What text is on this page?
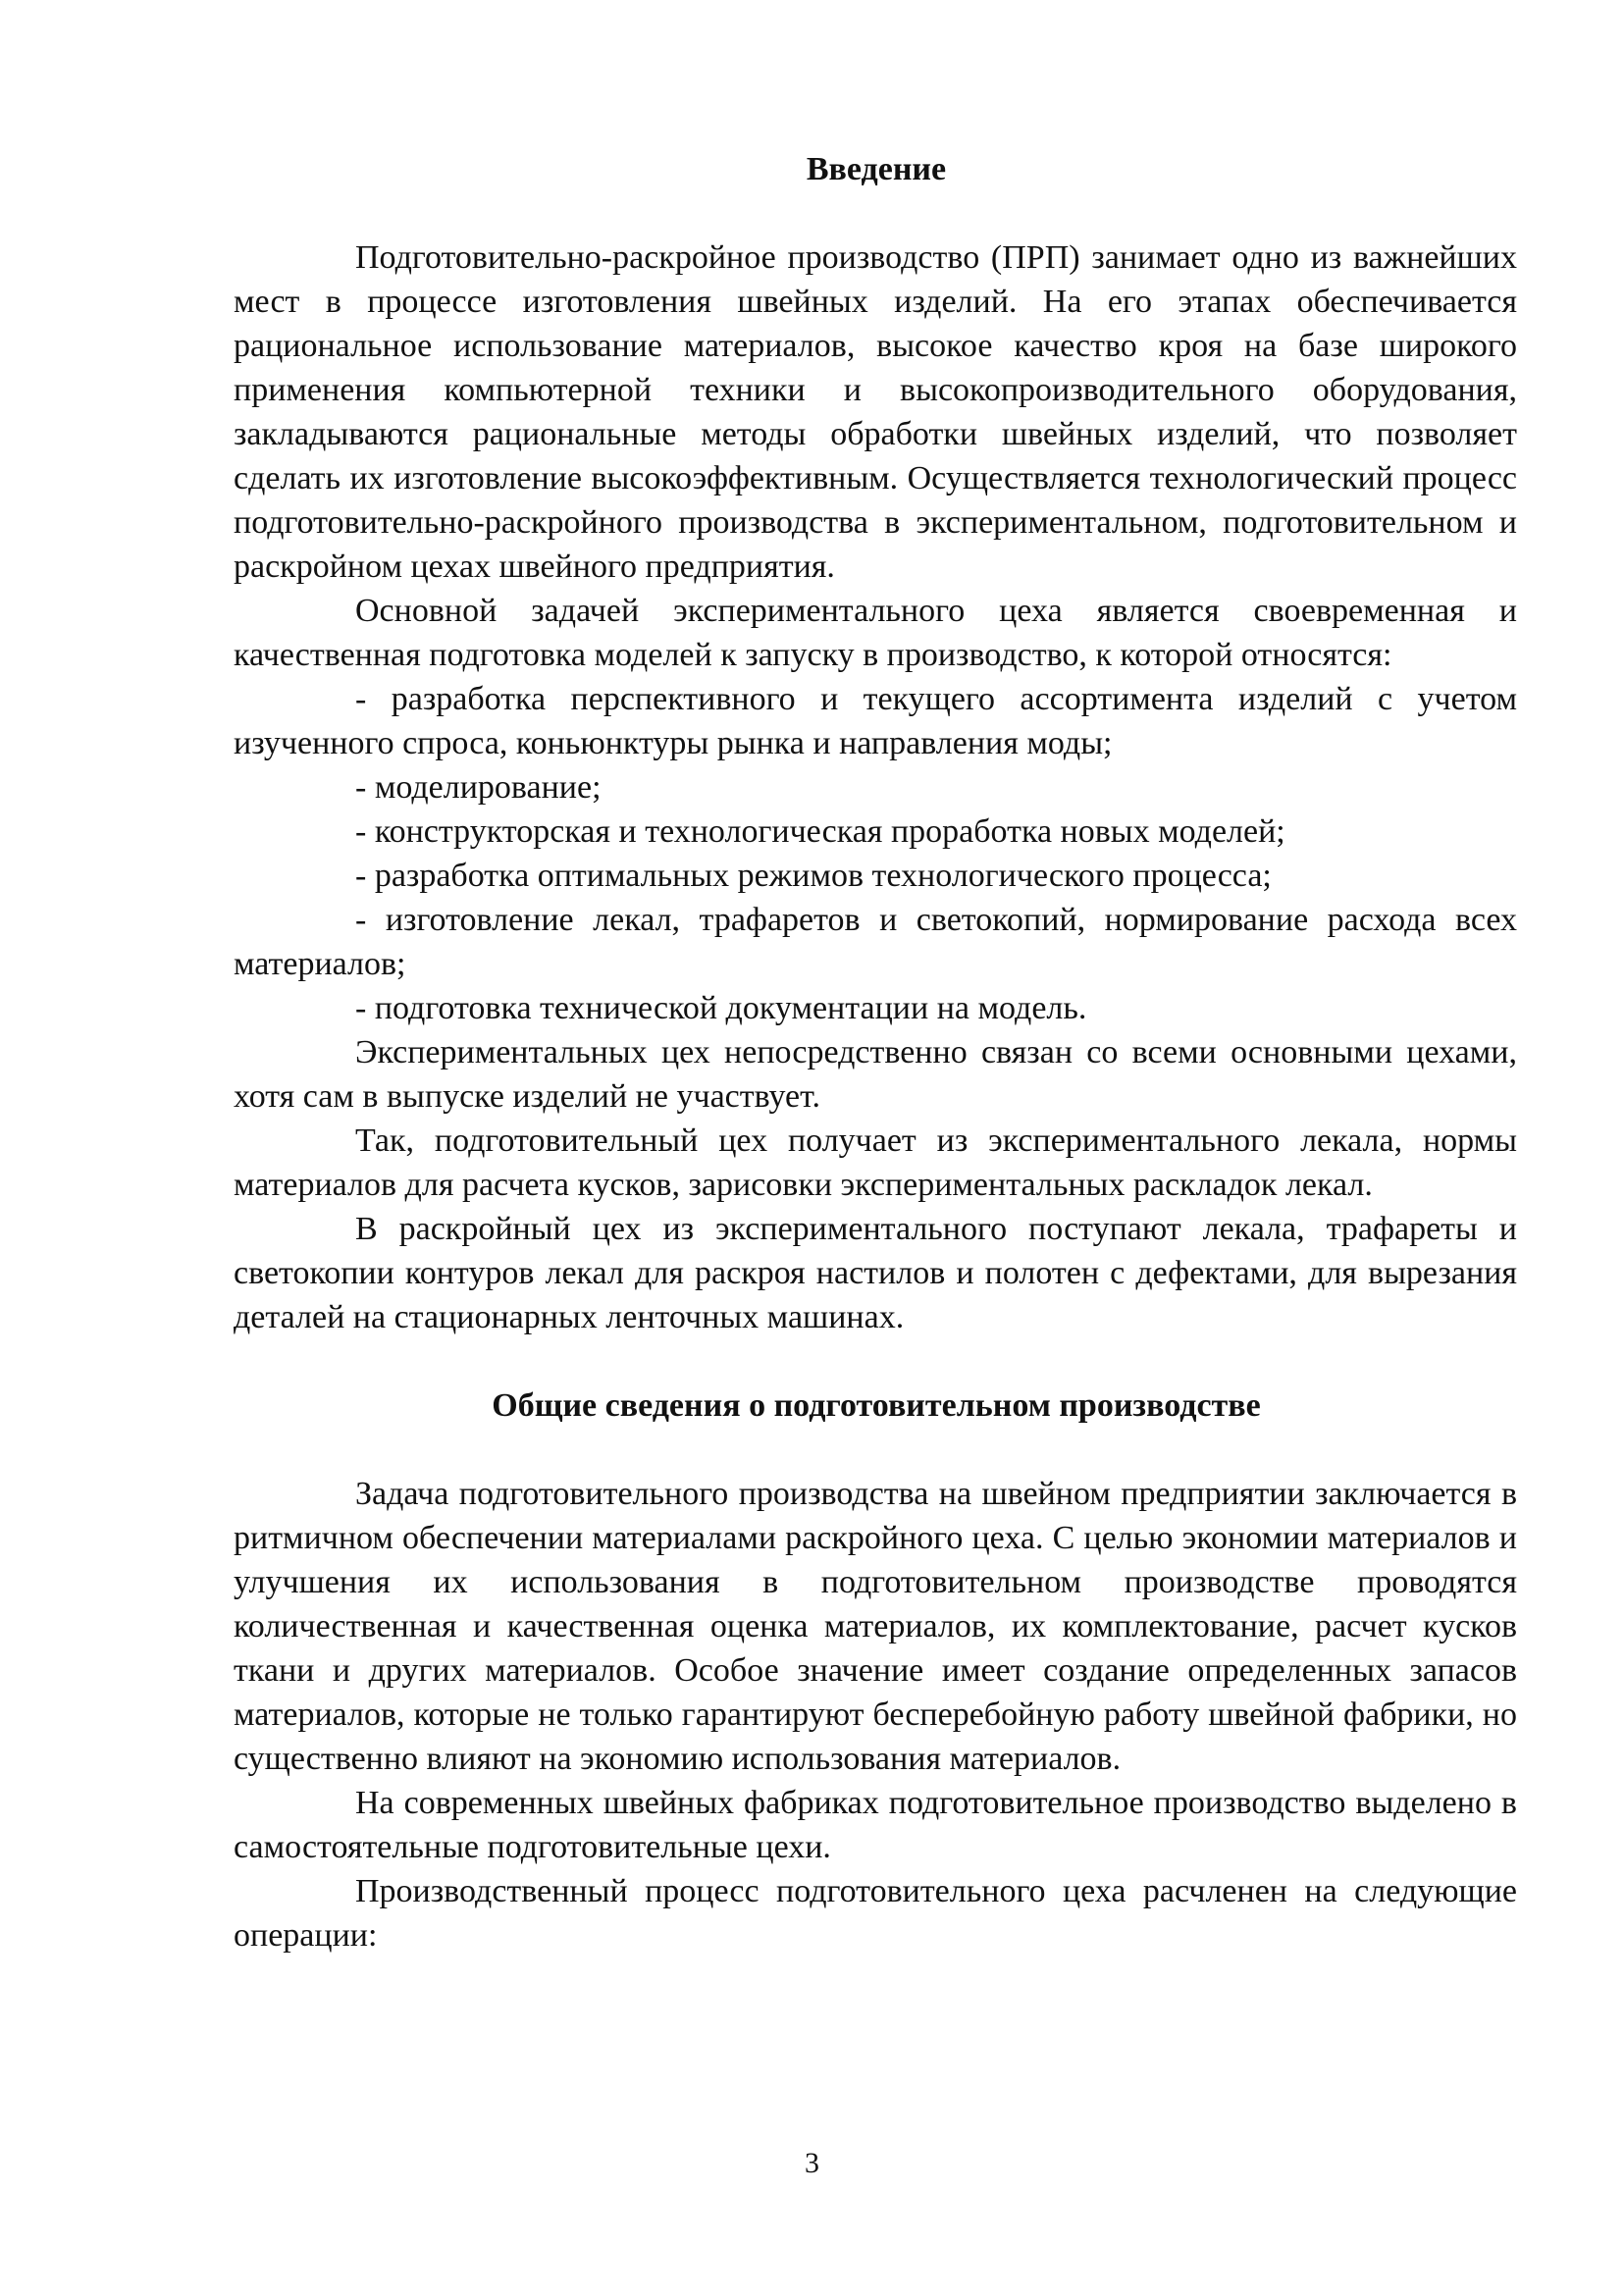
Введение

Подготовительно-раскройное производство (ПРП) занимает одно из важнейших мест в процессе изготовления швейных изделий. На его этапах обеспечивается рациональное использование материалов, высокое качество кроя на базе широкого применения компьютерной техники и высокопроизводительного оборудования, закладываются рациональные методы обработки швейных изделий, что позволяет сделать их изготовление высокоэффективным. Осуществляется технологический процесс подготовительно-раскройного производства в экспериментальном, подготовительном и раскройном цехах швейного предприятия.

Основной задачей экспериментального цеха является своевременная и качественная подготовка моделей к запуску в производство, к которой относятся:

- разработка перспективного и текущего ассортимента изделий с учетом изученного спроса, коньюнктуры рынка и направления моды;

- моделирование;

- конструкторская и технологическая проработка новых моделей;

- разработка оптимальных режимов технологического процесса;

- изготовление лекал, трафаретов и светокопий, нормирование расхода всех материалов;

- подготовка технической документации на модель.

Экспериментальных цех непосредственно связан со всеми основными цехами, хотя сам в выпуске изделий не участвует.

Так, подготовительный цех получает из экспериментального лекала, нормы материалов для расчета кусков, зарисовки экспериментальных раскладок лекал.

В раскройный цех из экспериментального поступают лекала, трафареты и светокопии контуров лекал для раскроя настилов и полотен с дефектами, для вырезания деталей на стационарных ленточных машинах.

Общие сведения о подготовительном производстве

Задача подготовительного производства на швейном предприятии заключается в ритмичном обеспечении материалами раскройного цеха. С целью экономии материалов и улучшения их использования в подготовительном производстве проводятся количественная и качественная оценка материалов, их комплектование, расчет кусков ткани и других материалов. Особое значение имеет создание определенных запасов материалов, которые не только гарантируют бесперебойную работу швейной фабрики, но существенно влияют на экономию использования материалов.

На современных швейных фабриках подготовительное производство выделено в самостоятельные подготовительные цехи.

Производственный процесс подготовительного цеха расчленен на следующие операции:

3
